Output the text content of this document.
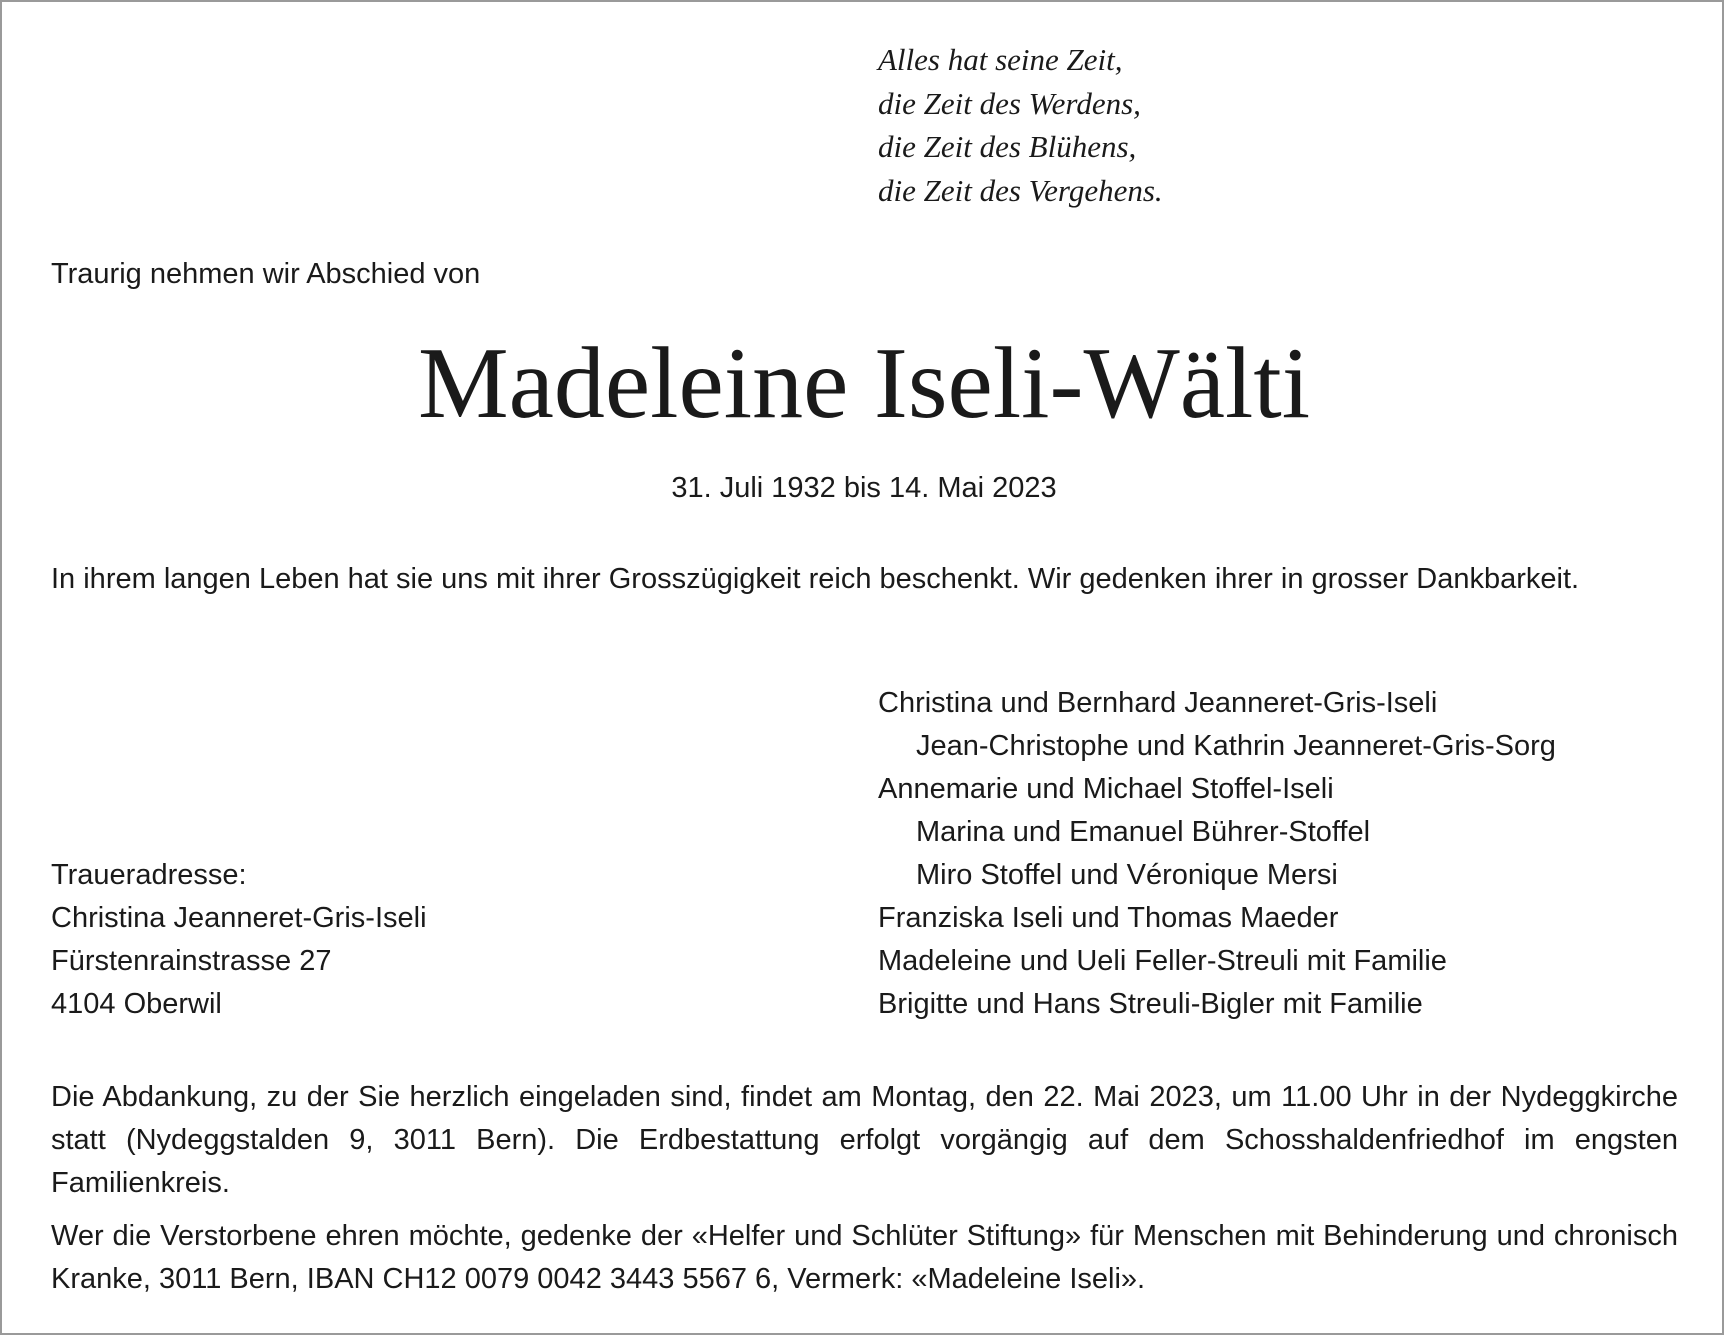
Alles hat seine Zeit,
die Zeit des Werdens,
die Zeit des Blühens,
die Zeit des Vergehens.
Traurig nehmen wir Abschied von
Madeleine Iseli-Wälti
31. Juli 1932 bis 14. Mai 2023
In ihrem langen Leben hat sie uns mit ihrer Grosszügigkeit reich beschenkt. Wir gedenken ihrer in grosser Dankbarkeit.
Christina und Bernhard Jeanneret-Gris-Iseli
Jean-Christophe und Kathrin Jeanneret-Gris-Sorg
Annemarie und Michael Stoffel-Iseli
Marina und Emanuel Bührer-Stoffel
Miro Stoffel und Véronique Mersi
Franziska Iseli und Thomas Maeder
Madeleine und Ueli Feller-Streuli mit Familie
Brigitte und Hans Streuli-Bigler mit Familie
Traueradresse:
Christina Jeanneret-Gris-Iseli
Fürstenrainstrasse 27
4104 Oberwil
Die Abdankung, zu der Sie herzlich eingeladen sind, findet am Montag, den 22. Mai 2023, um 11.00 Uhr in der Nydeggkirche statt (Nydeggstalden 9, 3011 Bern). Die Erdbestattung erfolgt vorgängig auf dem Schosshaldenfriedhof im engsten Familienkreis.
Wer die Verstorbene ehren möchte, gedenke der «Helfer und Schlüter Stiftung» für Menschen mit Behinderung und chronisch Kranke, 3011 Bern, IBAN CH12 0079 0042 3443 5567 6, Vermerk: «Madeleine Iseli».
